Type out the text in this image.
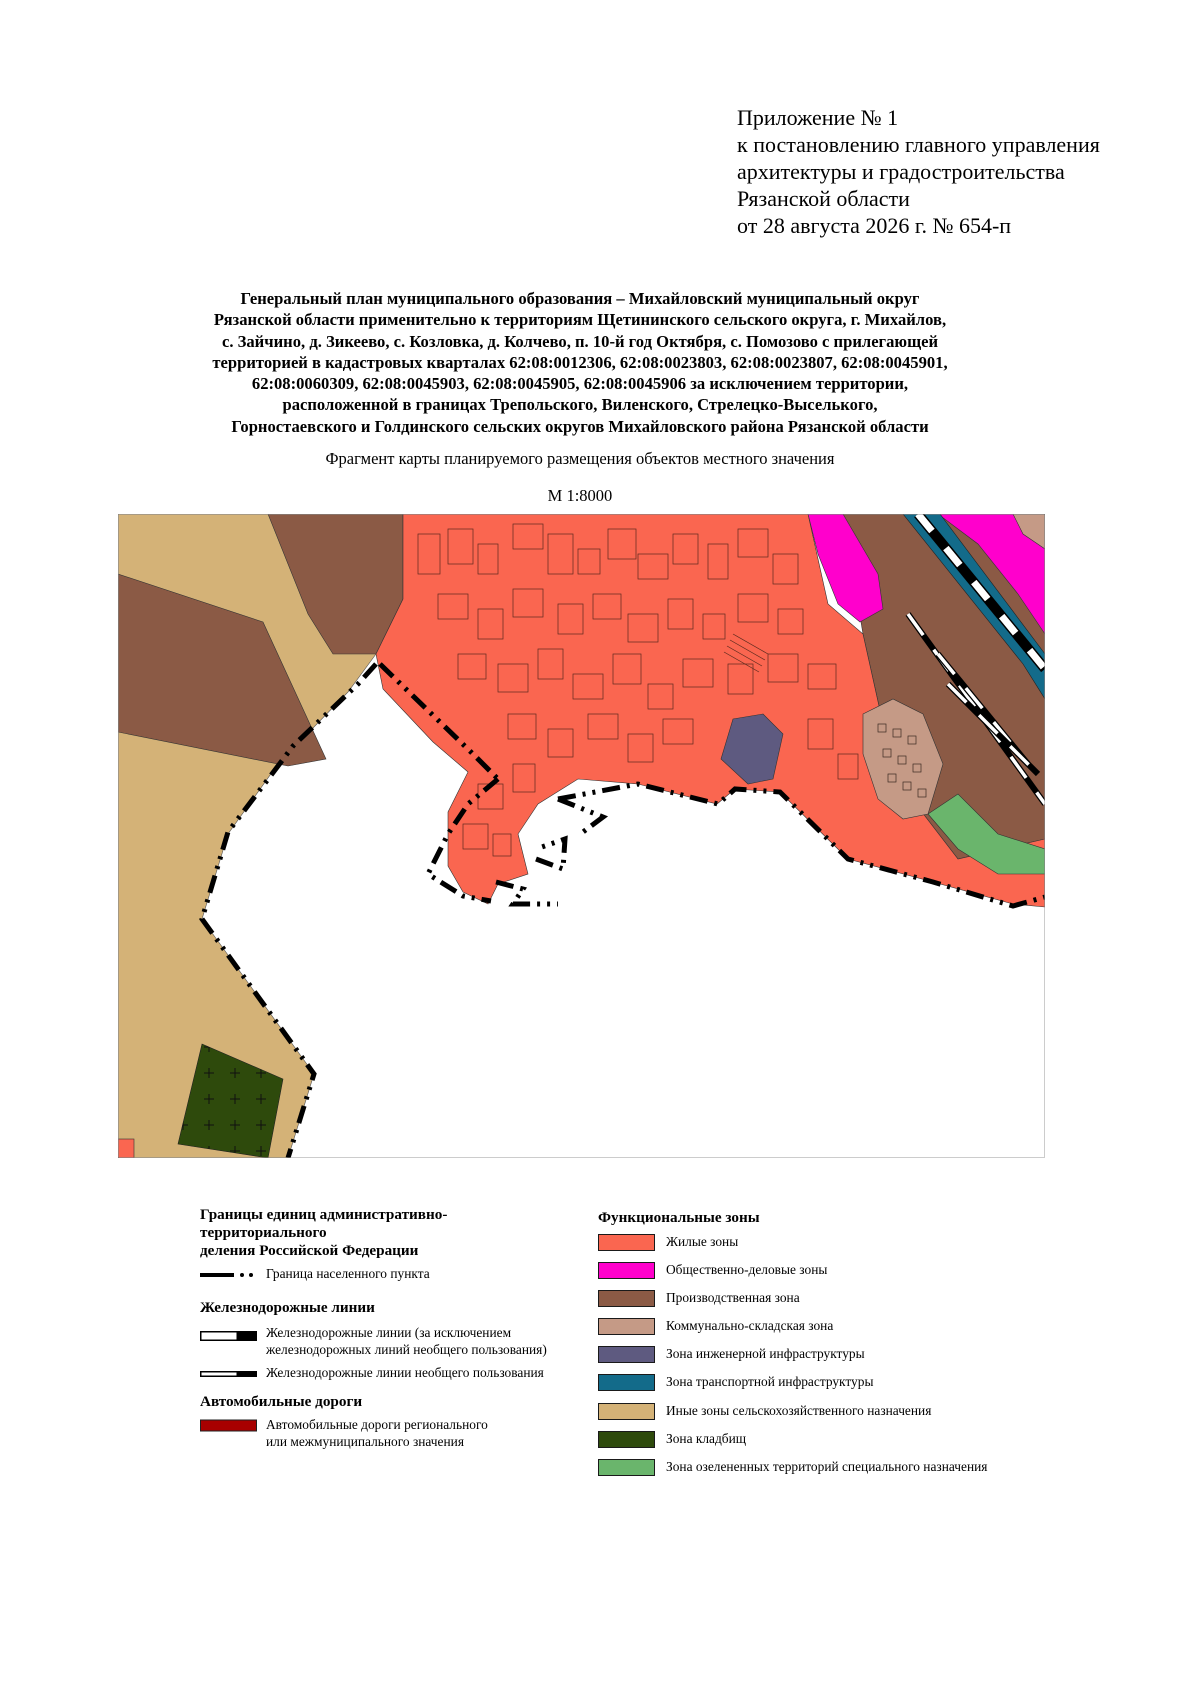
Приложение № 1
к постановлению главного управления
архитектуры и градостроительства
Рязанской области
от 28 августа 2026 г. № 654-п
Генеральный план муниципального образования – Михайловский муниципальный округ
Рязанской области применительно к территориям Щетининского сельского округа, г. Михайлов,
с. Зайчино, д. Зикеево, с. Козловка, д. Колчево, п. 10-й год Октября, с. Помозово с прилегающей
территорией в кадастровых кварталах 62:08:0012306, 62:08:0023803, 62:08:0023807, 62:08:0045901,
62:08:0060309, 62:08:0045903, 62:08:0045905, 62:08:0045906 за исключением территории,
расположенной в границах Трепольского, Виленского, Стрелецко-Выселького,
Горностаевского и Голдинского сельских округов Михайловского района Рязанской области
Фрагмент карты планируемого размещения объектов местного значения
М 1:8000
Границы единиц административно-
территориального
деления Российской Федерации
Граница населенного пункта
Железнодорожные линии
Железнодорожные линии (за исключением
железнодорожных линий необщего пользования)
Железнодорожные линии необщего пользования
Автомобильные дороги
Автомобильные дороги регионального
или межмуниципального значения
Функциональные зоны
Жилые зоны
Общественно-деловые зоны
Производственная зона
Коммунально-складская зона
Зона инженерной инфраструктуры
Зона транспортной инфраструктуры
Иные зоны сельскохозяйственного назначения
Зона кладбищ
Зона озелененных территорий специального назначения
